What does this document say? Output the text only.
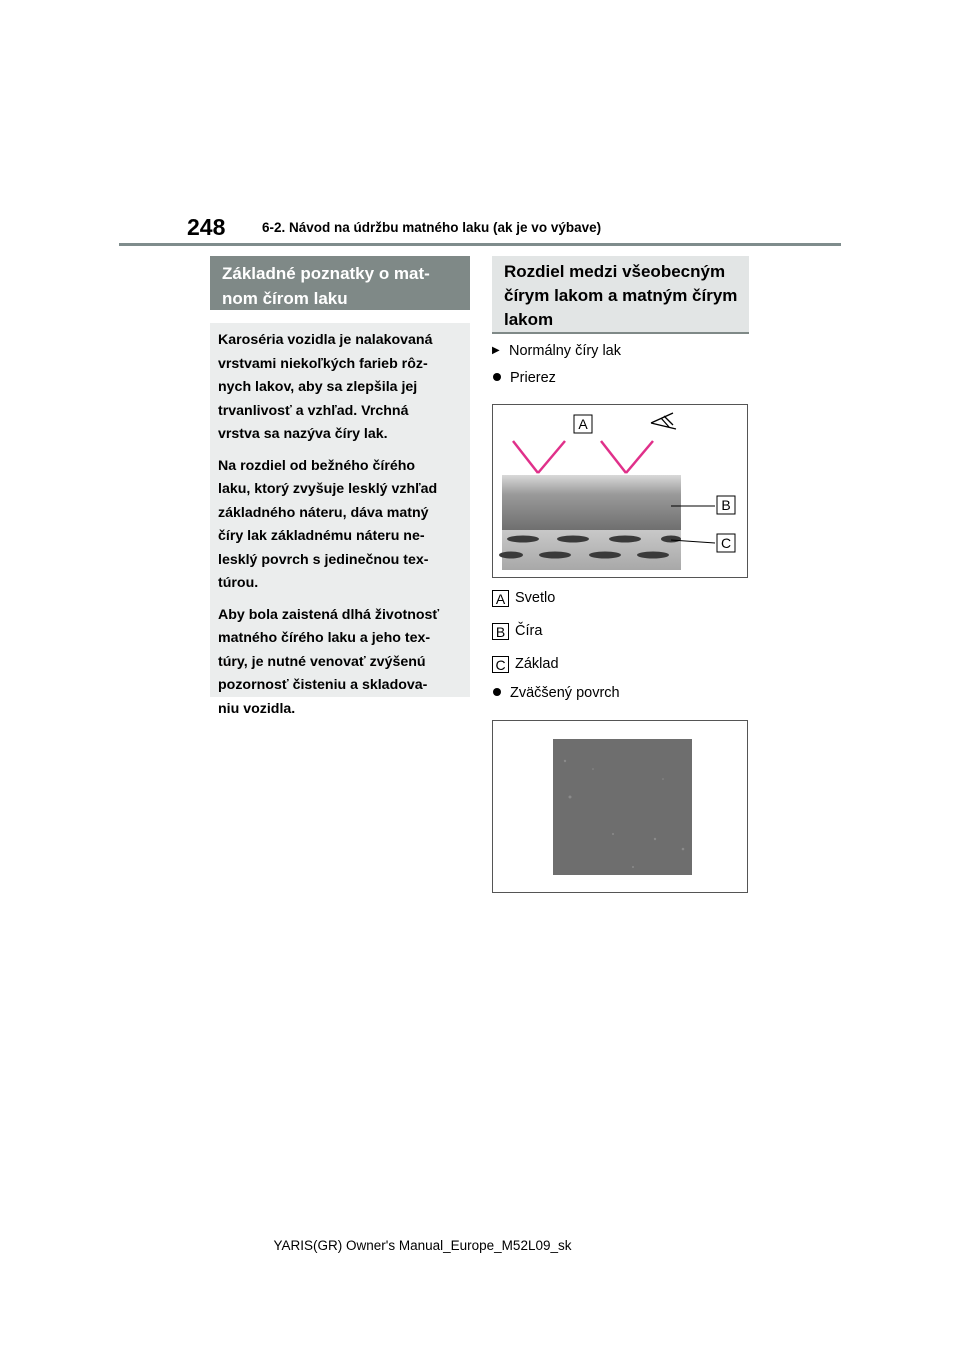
248	6-2. Návod na údržbu matného laku (ak je vo výbave)
Základné poznatky o mat-
nom čírom laku

Karoséria vozidla je nalakovaná
vrstvami niekoľkých farieb rôz-
nych lakov, aby sa zlepšila jej
trvanlivosť a vzhľad. Vrchná
vrstva sa nazýva číry lak.

Na rozdiel od bežného čírého
laku, ktorý zvyšuje lesklý vzhľad
základného náteru, dáva matný
číry lak základnému náteru ne-
lesklý povrch s jedinečnou tex-
túrou.

Aby bola zaistená dlhá životnosť
matného čírého laku a jeho tex-
túry, je nutné venovať zvýšenú
pozornosť čisteniu a skladova-
niu vozidla.

Rozdiel medzi všeobecným
čírym lakom a matným čírym
lakom
▶ Normálny číry lak
Prierez
A
B
C
A Svetlo
B Číra
C Základ
Zväčšený povrch
YARIS(GR) Owner's Manual_Europe_M52L09_sk
